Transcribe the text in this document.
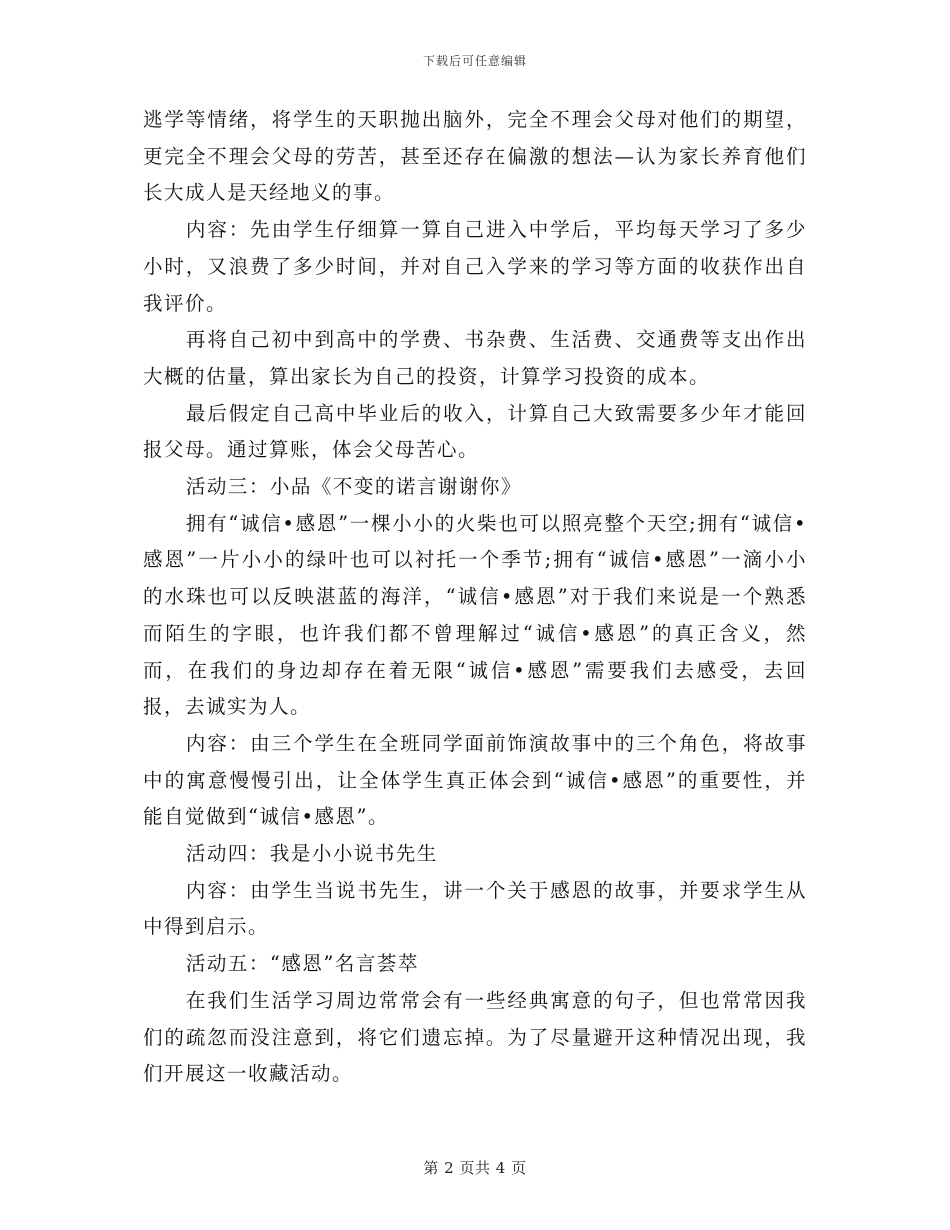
下载后可任意编辑

逃学等情绪，将学生的天职抛出脑外，完全不理会父母对他们的期望，更完全不理会父母的劳苦，甚至还存在偏激的想法—认为家长养育他们长大成人是天经地义的事。

内容：先由学生仔细算一算自己进入中学后，平均每天学习了多少小时，又浪费了多少时间，并对自己入学来的学习等方面的收获作出自我评价。

再将自己初中到高中的学费、书杂费、生活费、交通费等支出作出大概的估量，算出家长为自己的投资，计算学习投资的成本。

最后假定自己高中毕业后的收入，计算自己大致需要多少年才能回报父母。通过算账，体会父母苦心。

活动三：小品《不变的诺言谢谢你》

拥有“诚信•感恩”一棵小小的火柴也可以照亮整个天空;拥有“诚信•感恩”一片小小的绿叶也可以衬托一个季节;拥有“诚信•感恩”一滴小小的水珠也可以反映湛蓝的海洋，“诚信•感恩”对于我们来说是一个熟悉而陌生的字眼，也许我们都不曾理解过“诚信•感恩”的真正含义，然而，在我们的身边却存在着无限“诚信•感恩”需要我们去感受，去回报，去诚实为人。

内容：由三个学生在全班同学面前饰演故事中的三个角色，将故事中的寓意慢慢引出，让全体学生真正体会到“诚信•感恩”的重要性，并能自觉做到“诚信•感恩”。

活动四：我是小小说书先生

内容：由学生当说书先生，讲一个关于感恩的故事，并要求学生从中得到启示。

活动五：“感恩”名言荟萃

在我们生活学习周边常常会有一些经典寓意的句子，但也常常因我们的疏忽而没注意到，将它们遗忘掉。为了尽量避开这种情况出现，我们开展这一收藏活动。

第 2 页共 4 页
